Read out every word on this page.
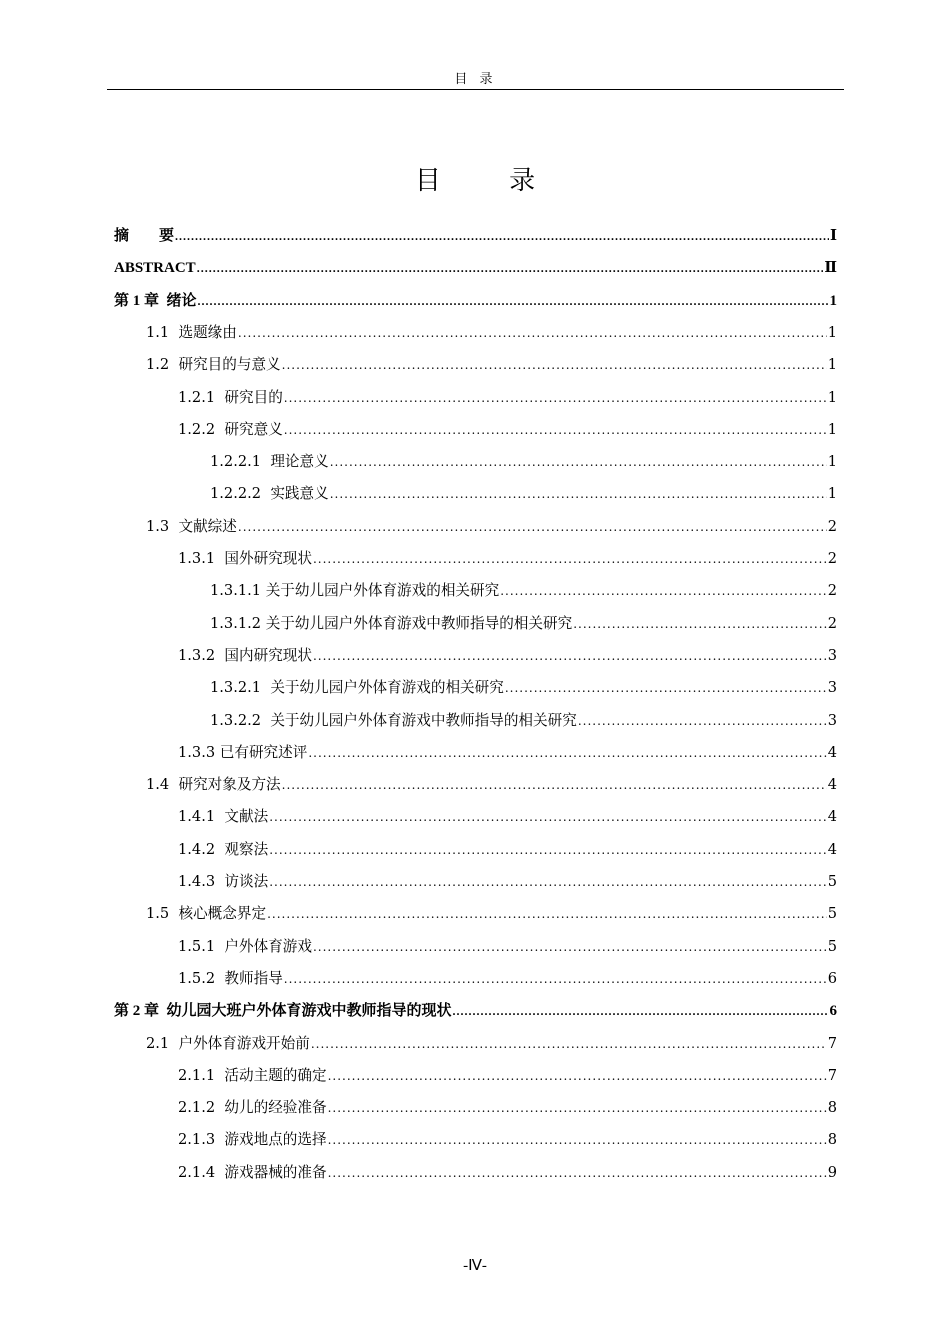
目 录
目 录
摘　　要 .....	Ⅰ
ABSTRACT .....	Ⅱ
第 1 章 绪论 .....	1
1.1 选题缘由 .....	1
1.2 研究目的与意义 .....	1
1.2.1 研究目的 .....	1
1.2.2 研究意义 .....	1
1.2.2.1 理论意义 .....	1
1.2.2.2 实践意义 .....	1
1.3 文献综述 .....	2
1.3.1 国外研究现状 .....	2
1.3.1.1 关于幼儿园户外体育游戏的相关研究 .....	2
1.3.1.2 关于幼儿园户外体育游戏中教师指导的相关研究 .....	2
1.3.2 国内研究现状 .....	3
1.3.2.1 关于幼儿园户外体育游戏的相关研究 .....	3
1.3.2.2 关于幼儿园户外体育游戏中教师指导的相关研究 .....	3
1.3.3 已有研究述评 .....	4
1.4 研究对象及方法 .....	4
1.4.1 文献法 .....	4
1.4.2 观察法 .....	4
1.4.3 访谈法 .....	5
1.5 核心概念界定 .....	5
1.5.1 户外体育游戏 .....	5
1.5.2 教师指导 .....	6
第 2 章 幼儿园大班户外体育游戏中教师指导的现状 .....	6
2.1 户外体育游戏开始前 .....	7
2.1.1 活动主题的确定 .....	7
2.1.2 幼儿的经验准备 .....	8
2.1.3 游戏地点的选择 .....	8
2.1.4 游戏器械的准备 .....	9
-Ⅳ-
